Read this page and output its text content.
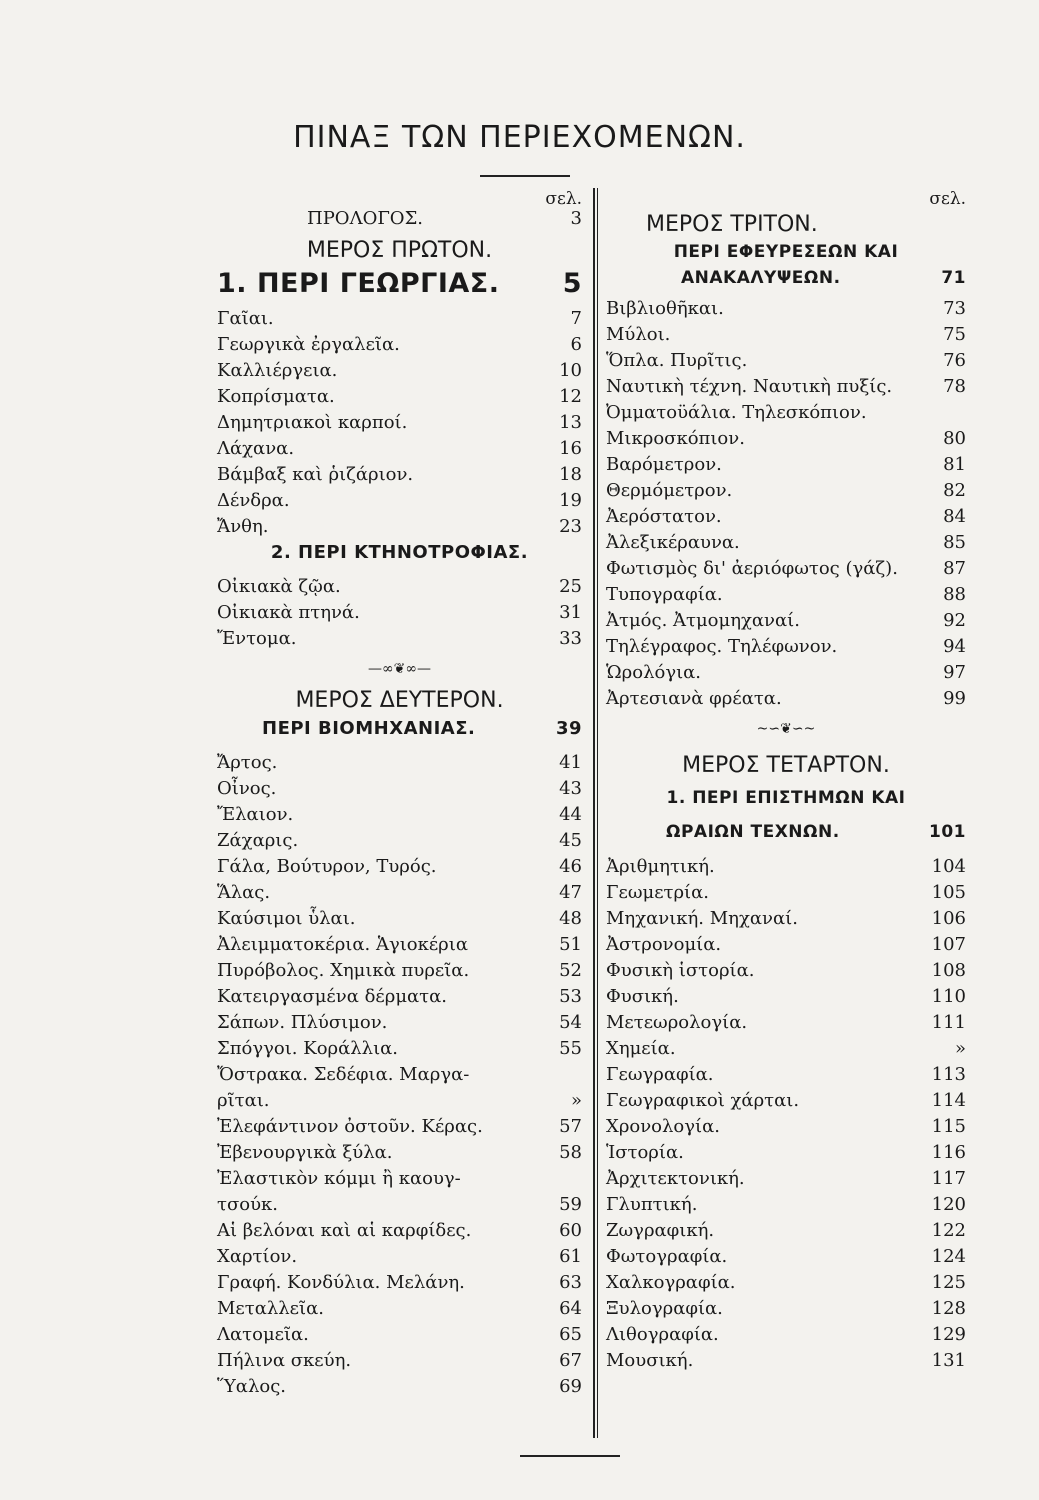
ΠΙΝΑΞ ΤΩΝ ΠΕΡΙΕΧΟΜΕΝΩΝ.
σελ.
ΠΡΟΛΟΓΟΣ.	3
ΜΕΡΟΣ ΠΡΩΤΟΝ.
1. ΠΕΡΙ ΓΕΩΡΓΙΑΣ.	5
Γαῖαι.	7
Γεωργικὰ ἐργαλεῖα.	6
Καλλιέργεια.	10
Κοπρίσματα.	12
Δημητριακοὶ καρποί.	13
Λάχανα.	16
Βάμβαξ καὶ ῥιζάριον.	18
Δένδρα.	19
Ἄνθη.	23
2. ΠΕΡΙ ΚΤΗΝΟΤΡΟΦΙΑΣ.
Οἰκιακὰ ζῷα.	25
Οἰκιακὰ πτηνά.	31
Ἔντομα.	33
—∞❦∞—
ΜΕΡΟΣ ΔΕΥΤΕΡΟΝ.
ΠΕΡΙ ΒΙΟΜΗΧΑΝΙΑΣ.	39
Ἄρτος.	41
Οἶνος.	43
Ἔλαιον.	44
Ζάχαρις.	45
Γάλα, Βούτυρον, Τυρός.	46
Ἅλας.	47
Καύσιμοι ὗλαι.	48
Ἀλειμματοκέρια. Ἁγιοκέρια	51
Πυρόβολος. Χημικὰ πυρεῖα.	52
Κατειργασμένα δέρματα.	53
Σάπων. Πλύσιμον.	54
Σπόγγοι. Κοράλλια.	55
Ὄστρακα. Σεδέφια. Μαργα-
ρῖται.	»
Ἐλεφάντινον ὀστοῦν. Κέρας.	57
Ἐβενουργικὰ ξύλα.	58
Ἐλαστικὸν κόμμι ἢ καουγ-
τσούκ.	59
Αἱ βελόναι καὶ αἱ καρφίδες.	60
Χαρτίον.	61
Γραφή. Κονδύλια. Μελάνη.	63
Μεταλλεῖα.	64
Λατομεῖα.	65
Πήλινα σκεύη.	67
Ὕαλος.	69
σελ.
ΜΕΡΟΣ ΤΡΙΤΟΝ.
ΠΕΡΙ ΕΦΕΥΡΕΣΕΩΝ ΚΑΙ
ΑΝΑΚΑΛΥΨΕΩΝ.	71
Βιβλιοθῆκαι.	73
Μύλοι.	75
Ὅπλα. Πυρῖτις.	76
Ναυτικὴ τέχνη. Ναυτικὴ πυξίς.	78
Ὀμματοϋάλια. Τηλεσκόπιον.
Μικροσκόπιον.	80
Βαρόμετρον.	81
Θερμόμετρον.	82
Ἀερόστατον.	84
Ἀλεξικέραυνα.	85
Φωτισμὸς δι' ἀεριόφωτος (γάζ).	87
Τυπογραφία.	88
Ἀτμός. Ἀτμομηχαναί.	92
Τηλέγραφος. Τηλέφωνον.	94
Ὡρολόγια.	97
Ἀρτεσιανὰ φρέατα.	99
~∽❦∽~
ΜΕΡΟΣ ΤΕΤΑΡΤΟΝ.
1. ΠΕΡΙ ΕΠΙΣΤΗΜΩΝ ΚΑΙ
ΩΡΑΙΩΝ ΤΕΧΝΩΝ.	101
Ἀριθμητική.	104
Γεωμετρία.	105
Μηχανική. Μηχαναί.	106
Ἀστρονομία.	107
Φυσικὴ ἱστορία.	108
Φυσική.	110
Μετεωρολογία.	111
Χημεία.	»
Γεωγραφία.	113
Γεωγραφικοὶ χάρται.	114
Χρονολογία.	115
Ἱστορία.	116
Ἀρχιτεκτονική.	117
Γλυπτική.	120
Ζωγραφική.	122
Φωτογραφία.	124
Χαλκογραφία.	125
Ξυλογραφία.	128
Λιθογραφία.	129
Μουσική.	131
